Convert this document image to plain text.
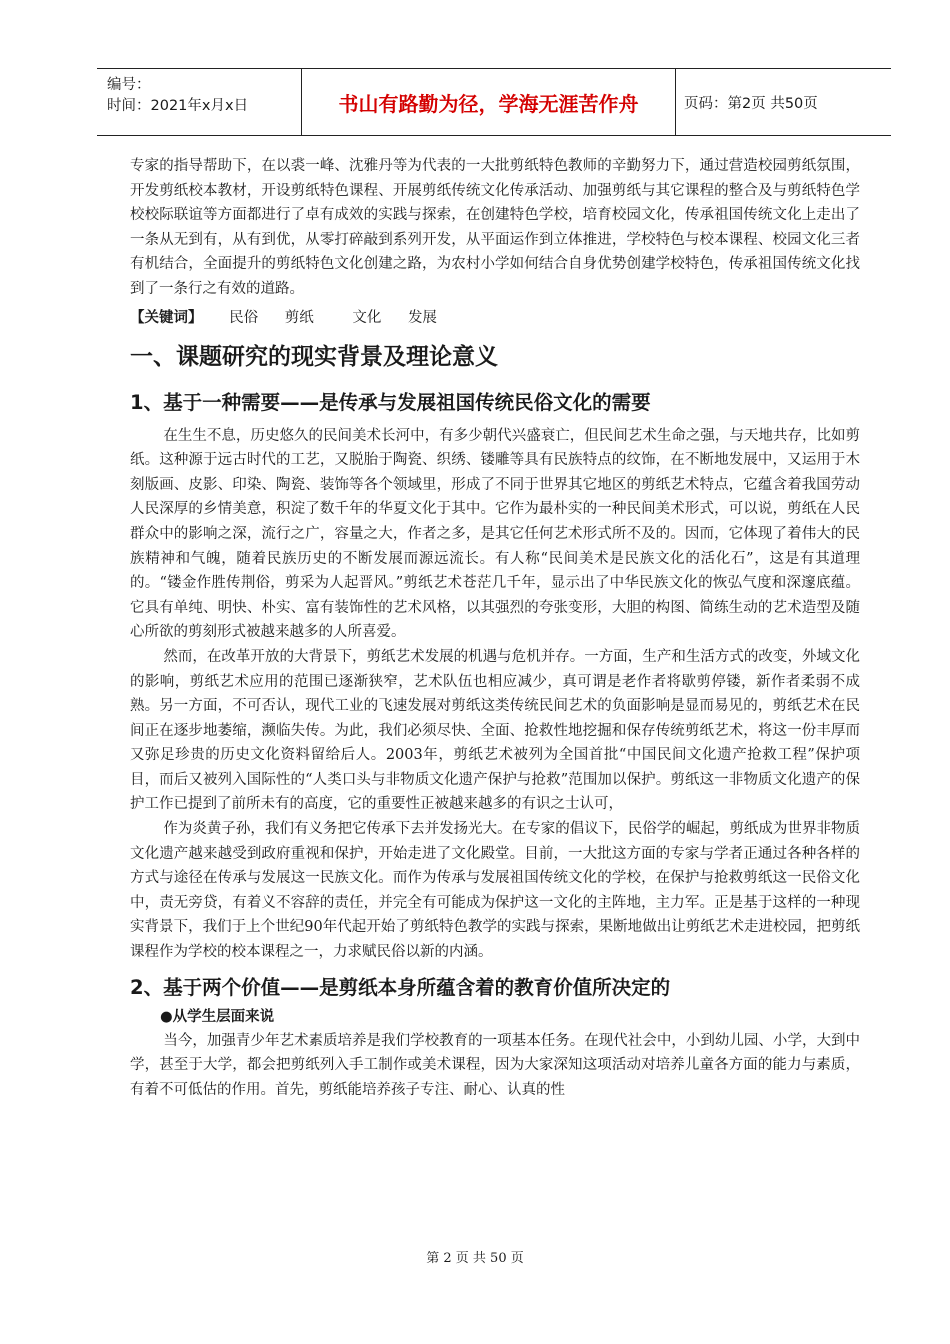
编号：
时间：2021年x月x日	书山有路勤为径，学海无涯苦作舟	页码：第2页 共50页

专家的指导帮助下，在以裘一峰、沈雅丹等为代表的一大批剪纸特色教师的辛勤努力下，通过营造校园剪纸氛围，开发剪纸校本教材，开设剪纸特色课程、开展剪纸传统文化传承活动、加强剪纸与其它课程的整合及与剪纸特色学校校际联谊等方面都进行了卓有成效的实践与探索，在创建特色学校，培育校园文化，传承祖国传统文化上走出了一条从无到有，从有到优，从零打碎敲到系列开发，从平面运作到立体推进，学校特色与校本课程、校园文化三者有机结合，全面提升的剪纸特色文化创建之路，为农村小学如何结合自身优势创建学校特色，传承祖国传统文化找到了一条行之有效的道路。

【关键词】 民俗 剪纸	文化 发展
一、课题研究的现实背景及理论意义
1、基于一种需要——是传承与发展祖国传统民俗文化的需要

在生生不息，历史悠久的民间美术长河中，有多少朝代兴盛衰亡，但民间艺术生命之强，与天地共存，比如剪纸。这种源于远古时代的工艺，又脱胎于陶瓷、织绣、镂雕等具有民族特点的纹饰，在不断地发展中，又运用于木刻版画、皮影、印染、陶瓷、装饰等各个领域里，形成了不同于世界其它地区的剪纸艺术特点，它蕴含着我国劳动人民深厚的乡情美意，积淀了数千年的华夏文化于其中。它作为最朴实的一种民间美术形式，可以说，剪纸在人民群众中的影响之深，流行之广，容量之大，作者之多，是其它任何艺术形式所不及的。因而，它体现了着伟大的民族精神和气魄，随着民族历史的不断发展而源远流长。有人称“民间美术是民族文化的活化石”，这是有其道理的。“镂金作胜传荆俗，剪采为人起晋风。”剪纸艺术苍茫几千年，显示出了中华民族文化的恢弘气度和深邃底蕴。它具有单纯、明快、朴实、富有装饰性的艺术风格，以其强烈的夸张变形，大胆的构图、简练生动的艺术造型及随心所欲的剪刻形式被越来越多的人所喜爱。

然而，在改革开放的大背景下，剪纸艺术发展的机遇与危机并存。一方面，生产和生活方式的改变，外域文化的影响，剪纸艺术应用的范围已逐渐狭窄，艺术队伍也相应减少，真可谓是老作者将歇剪停镂，新作者柔弱不成熟。另一方面，不可否认，现代工业的飞速发展对剪纸这类传统民间艺术的负面影响是显而易见的，剪纸艺术在民间正在逐步地萎缩，濒临失传。为此，我们必须尽快、全面、抢救性地挖掘和保存传统剪纸艺术，将这一份丰厚而又弥足珍贵的历史文化资料留给后人。2003年，剪纸艺术被列为全国首批“中国民间文化遗产抢救工程”保护项目，而后又被列入国际性的“人类口头与非物质文化遗产保护与抢救”范围加以保护。剪纸这一非物质文化遗产的保护工作已提到了前所未有的高度，它的重要性正被越来越多的有识之士认可，

作为炎黄子孙，我们有义务把它传承下去并发扬光大。在专家的倡议下，民俗学的崛起，剪纸成为世界非物质文化遗产越来越受到政府重视和保护，开始走进了文化殿堂。目前，一大批这方面的专家与学者正通过各种各样的方式与途径在传承与发展这一民族文化。而作为传承与发展祖国传统文化的学校，在保护与抢救剪纸这一民俗文化中，责无旁贷，有着义不容辞的责任，并完全有可能成为保护这一文化的主阵地，主力军。正是基于这样的一种现实背景下，我们于上个世纪90年代起开始了剪纸特色教学的实践与探索，果断地做出让剪纸艺术走进校园，把剪纸课程作为学校的校本课程之一，力求赋民俗以新的内涵。

2、基于两个价值——是剪纸本身所蕴含着的教育价值所决定的
●从学生层面来说

当今，加强青少年艺术素质培养是我们学校教育的一项基本任务。在现代社会中，小到幼儿园、小学，大到中学，甚至于大学，都会把剪纸列入手工制作或美术课程，因为大家深知这项活动对培养儿童各方面的能力与素质，有着不可低估的作用。首先，剪纸能培养孩子专注、耐心、认真的性

第 2 页 共 50 页
